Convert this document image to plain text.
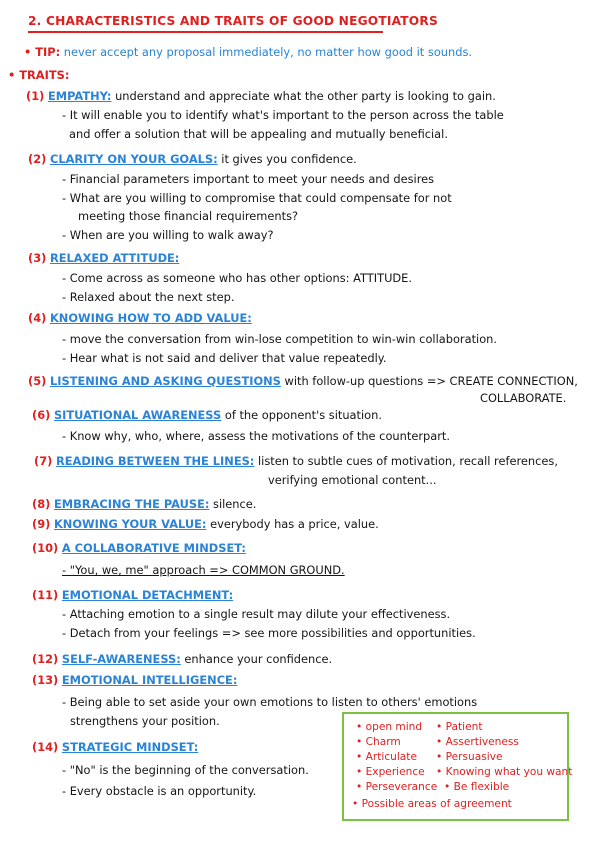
2. CHARACTERISTICS AND TRAITS OF GOOD NEGOTIATORS
• TIP: never accept any proposal immediately, no matter how good it sounds.
• TRAITS:
(1) EMPATHY: understand and appreciate what the other party is looking to gain.
- It will enable you to identify what's important to the person across the table
and offer a solution that will be appealing and mutually beneficial.
(2) CLARITY ON YOUR GOALS: it gives you confidence.
- Financial parameters important to meet your needs and desires
- What are you willing to compromise that could compensate for not
meeting those financial requirements?
- When are you willing to walk away?
(3) RELAXED ATTITUDE:
- Come across as someone who has other options: ATTITUDE.
- Relaxed about the next step.
(4) KNOWING HOW TO ADD VALUE:
- move the conversation from win-lose competition to win-win collaboration.
- Hear what is not said and deliver that value repeatedly.
(5) LISTENING AND ASKING QUESTIONS with follow-up questions => CREATE CONNECTION,
COLLABORATE.
(6) SITUATIONAL AWARENESS of the opponent's situation.
- Know why, who, where, assess the motivations of the counterpart.
(7) READING BETWEEN THE LINES: listen to subtle cues of motivation, recall references,
verifying emotional content...
(8) EMBRACING THE PAUSE: silence.
(9) KNOWING YOUR VALUE: everybody has a price, value.
(10) A COLLABORATIVE MINDSET:
- "You, we, me" approach => COMMON GROUND.
(11) EMOTIONAL DETACHMENT:
- Attaching emotion to a single result may dilute your effectiveness.
- Detach from your feelings => see more possibilities and opportunities.
(12) SELF-AWARENESS: enhance your confidence.
(13) EMOTIONAL INTELLIGENCE:
- Being able to set aside your own emotions to listen to others' emotions
strengthens your position.
(14) STRATEGIC MINDSET:
- "No" is the beginning of the conversation.
- Every obstacle is an opportunity.
• open mind • Patient
• Charm	• Assertiveness
• Articulate • Persuasive
• Experience • Knowing what you want
• Perseverance • Be flexible
• Possible areas of agreement
